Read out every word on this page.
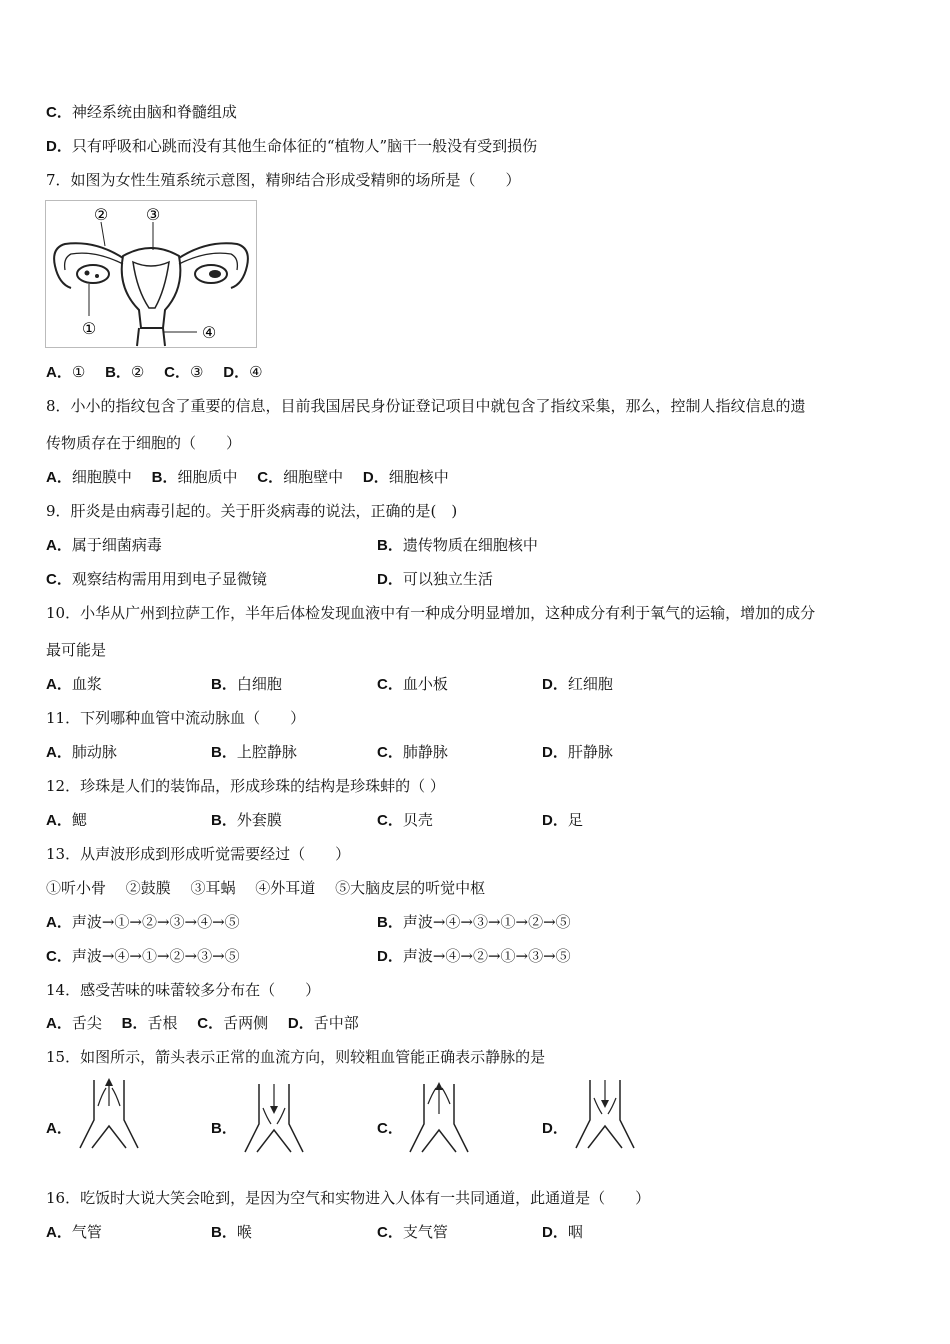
C．神经系统由脑和脊髓组成
D．只有呼吸和心跳而没有其他生命体征的“植物人”脑干一般没有受到损伤
7．如图为女性生殖系统示意图，精卵结合形成受精卵的场所是（　　）
② ③
①	④
A．①　 B．②　 C．③　 D．④
8．小小的指纹包含了重要的信息，目前我国居民身份证登记项目中就包含了指纹采集，那么，控制人指纹信息的遗
传物质存在于细胞的（　　）
A．细胞膜中　 B．细胞质中　 C．细胞壁中　 D．细胞核中
9．肝炎是由病毒引起的。关于肝炎病毒的说法，正确的是(　)
A．属于细菌病毒	B．遗传物质在细胞核中
C．观察结构需用用到电子显微镜	D．可以独立生活
10．小华从广州到拉萨工作，半年后体检发现血液中有一种成分明显增加，这种成分有利于氧气的运输，增加的成分
最可能是
A．血浆	B．白细胞	C．血小板	D．红细胞
11．下列哪种血管中流动脉血（　　）
A．肺动脉	B．上腔静脉	C．肺静脉	D．肝静脉
12．珍珠是人们的装饰品，形成珍珠的结构是珍珠蚌的（ ）
A．鳃	B．外套膜	C．贝壳	D．足
13．从声波形成到形成听觉需要经过（　　）
①听小骨　 ②鼓膜　 ③耳蜗　 ④外耳道　 ⑤大脑皮层的听觉中枢
A．声波→①→②→③→④→⑤	B．声波→④→③→①→②→⑤
C．声波→④→①→②→③→⑤	D．声波→④→②→①→③→⑤
14．感受苦味的味蕾较多分布在（　　）
A．舌尖　 B．舌根　 C．舌两侧　 D．舌中部
15．如图所示，箭头表示正常的血流方向，则较粗血管能正确表示静脉的是
A．	B．	C．	D．
16．吃饭时大说大笑会呛到，是因为空气和实物进入人体有一共同通道，此通道是（　　）
A．气管	B．喉	C．支气管	D．咽
